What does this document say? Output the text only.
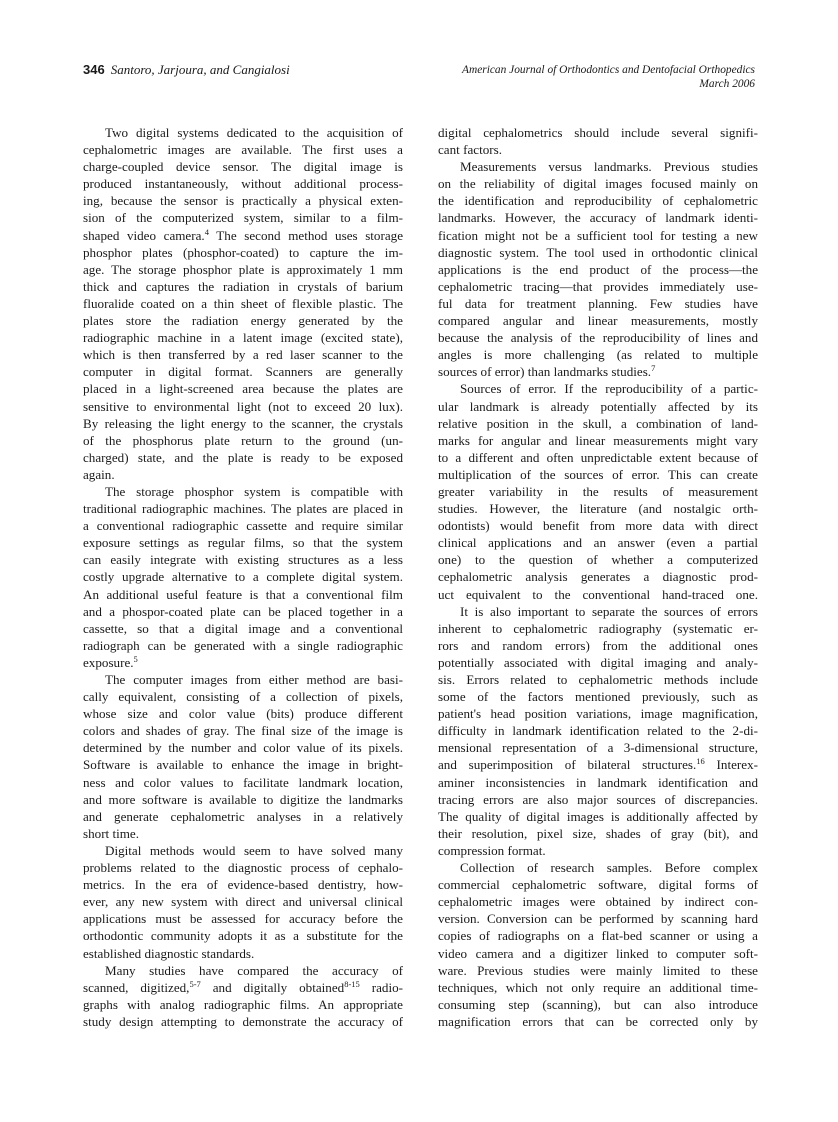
346 Santoro, Jarjoura, and Cangialosi	American Journal of Orthodontics and Dentofacial Orthopedics
March 2006
Two digital systems dedicated to the acquisition of
cephalometric images are available. The first uses a
charge-coupled device sensor. The digital image is
produced instantaneously, without additional process-
ing, because the sensor is practically a physical exten-
sion of the computerized system, similar to a film-
shaped video camera.$^4$ The second method uses storage
phosphor plates (phosphor-coated) to capture the im-
age. The storage phosphor plate is approximately 1 mm
thick and captures the radiation in crystals of barium
fluoralide coated on a thin sheet of flexible plastic. The
plates store the radiation energy generated by the
radiographic machine in a latent image (excited state),
which is then transferred by a red laser scanner to the
computer in digital format. Scanners are generally
placed in a light-screened area because the plates are
sensitive to environmental light (not to exceed 20 lux).
By releasing the light energy to the scanner, the crystals
of the phosphorus plate return to the ground (un-
charged) state, and the plate is ready to be exposed
again.
The storage phosphor system is compatible with
traditional radiographic machines. The plates are placed in
a conventional radiographic cassette and require similar
exposure settings as regular films, so that the system
can easily integrate with existing structures as a less
costly upgrade alternative to a complete digital system.
An additional useful feature is that a conventional film
and a phospor-coated plate can be placed together in a
cassette, so that a digital image and a conventional
radiograph can be generated with a single radiographic
exposure.$^5$
The computer images from either method are basi-
cally equivalent, consisting of a collection of pixels,
whose size and color value (bits) produce different
colors and shades of gray. The final size of the image is
determined by the number and color value of its pixels.
Software is available to enhance the image in bright-
ness and color values to facilitate landmark location,
and more software is available to digitize the landmarks
and generate cephalometric analyses in a relatively
short time.
Digital methods would seem to have solved many
problems related to the diagnostic process of cephalo-
metrics. In the era of evidence-based dentistry, how-
ever, any new system with direct and universal clinical
applications must be assessed for accuracy before the
orthodontic community adopts it as a substitute for the
established diagnostic standards.
Many studies have compared the accuracy of
scanned, digitized,$^{5-7}$ and digitally obtained$^{8-15}$ radio-
graphs with analog radiographic films. An appropriate
study design attempting to demonstrate the accuracy of
digital cephalometrics should include several signifi-
cant factors.
Measurements versus landmarks. Previous studies
on the reliability of digital images focused mainly on
the identification and reproducibility of cephalometric
landmarks. However, the accuracy of landmark identi-
fication might not be a sufficient tool for testing a new
diagnostic system. The tool used in orthodontic clinical
applications is the end product of the process—the
cephalometric tracing—that provides immediately use-
ful data for treatment planning. Few studies have
compared angular and linear measurements, mostly
because the analysis of the reproducibility of lines and
angles is more challenging (as related to multiple
sources of error) than landmarks studies.$^7$
Sources of error. If the reproducibility of a partic-
ular landmark is already potentially affected by its
relative position in the skull, a combination of land-
marks for angular and linear measurements might vary
to a different and often unpredictable extent because of
multiplication of the sources of error. This can create
greater variability in the results of measurement
studies. However, the literature (and nostalgic orth-
odontists) would benefit from more data with direct
clinical applications and an answer (even a partial
one) to the question of whether a computerized
cephalometric analysis generates a diagnostic prod-
uct equivalent to the conventional hand-traced one.
It is also important to separate the sources of errors
inherent to cephalometric radiography (systematic er-
rors and random errors) from the additional ones
potentially associated with digital imaging and analy-
sis. Errors related to cephalometric methods include
some of the factors mentioned previously, such as
patient's head position variations, image magnification,
difficulty in landmark identification related to the 2-di-
mensional representation of a 3-dimensional structure,
and superimposition of bilateral structures.$^{16}$ Interex-
aminer inconsistencies in landmark identification and
tracing errors are also major sources of discrepancies.
The quality of digital images is additionally affected by
their resolution, pixel size, shades of gray (bit), and
compression format.
Collection of research samples. Before complex
commercial cephalometric software, digital forms of
cephalometric images were obtained by indirect con-
version. Conversion can be performed by scanning hard
copies of radiographs on a flat-bed scanner or using a
video camera and a digitizer linked to computer soft-
ware. Previous studies were mainly limited to these
techniques, which not only require an additional time-
consuming step (scanning), but can also introduce
magnification errors that can be corrected only by
